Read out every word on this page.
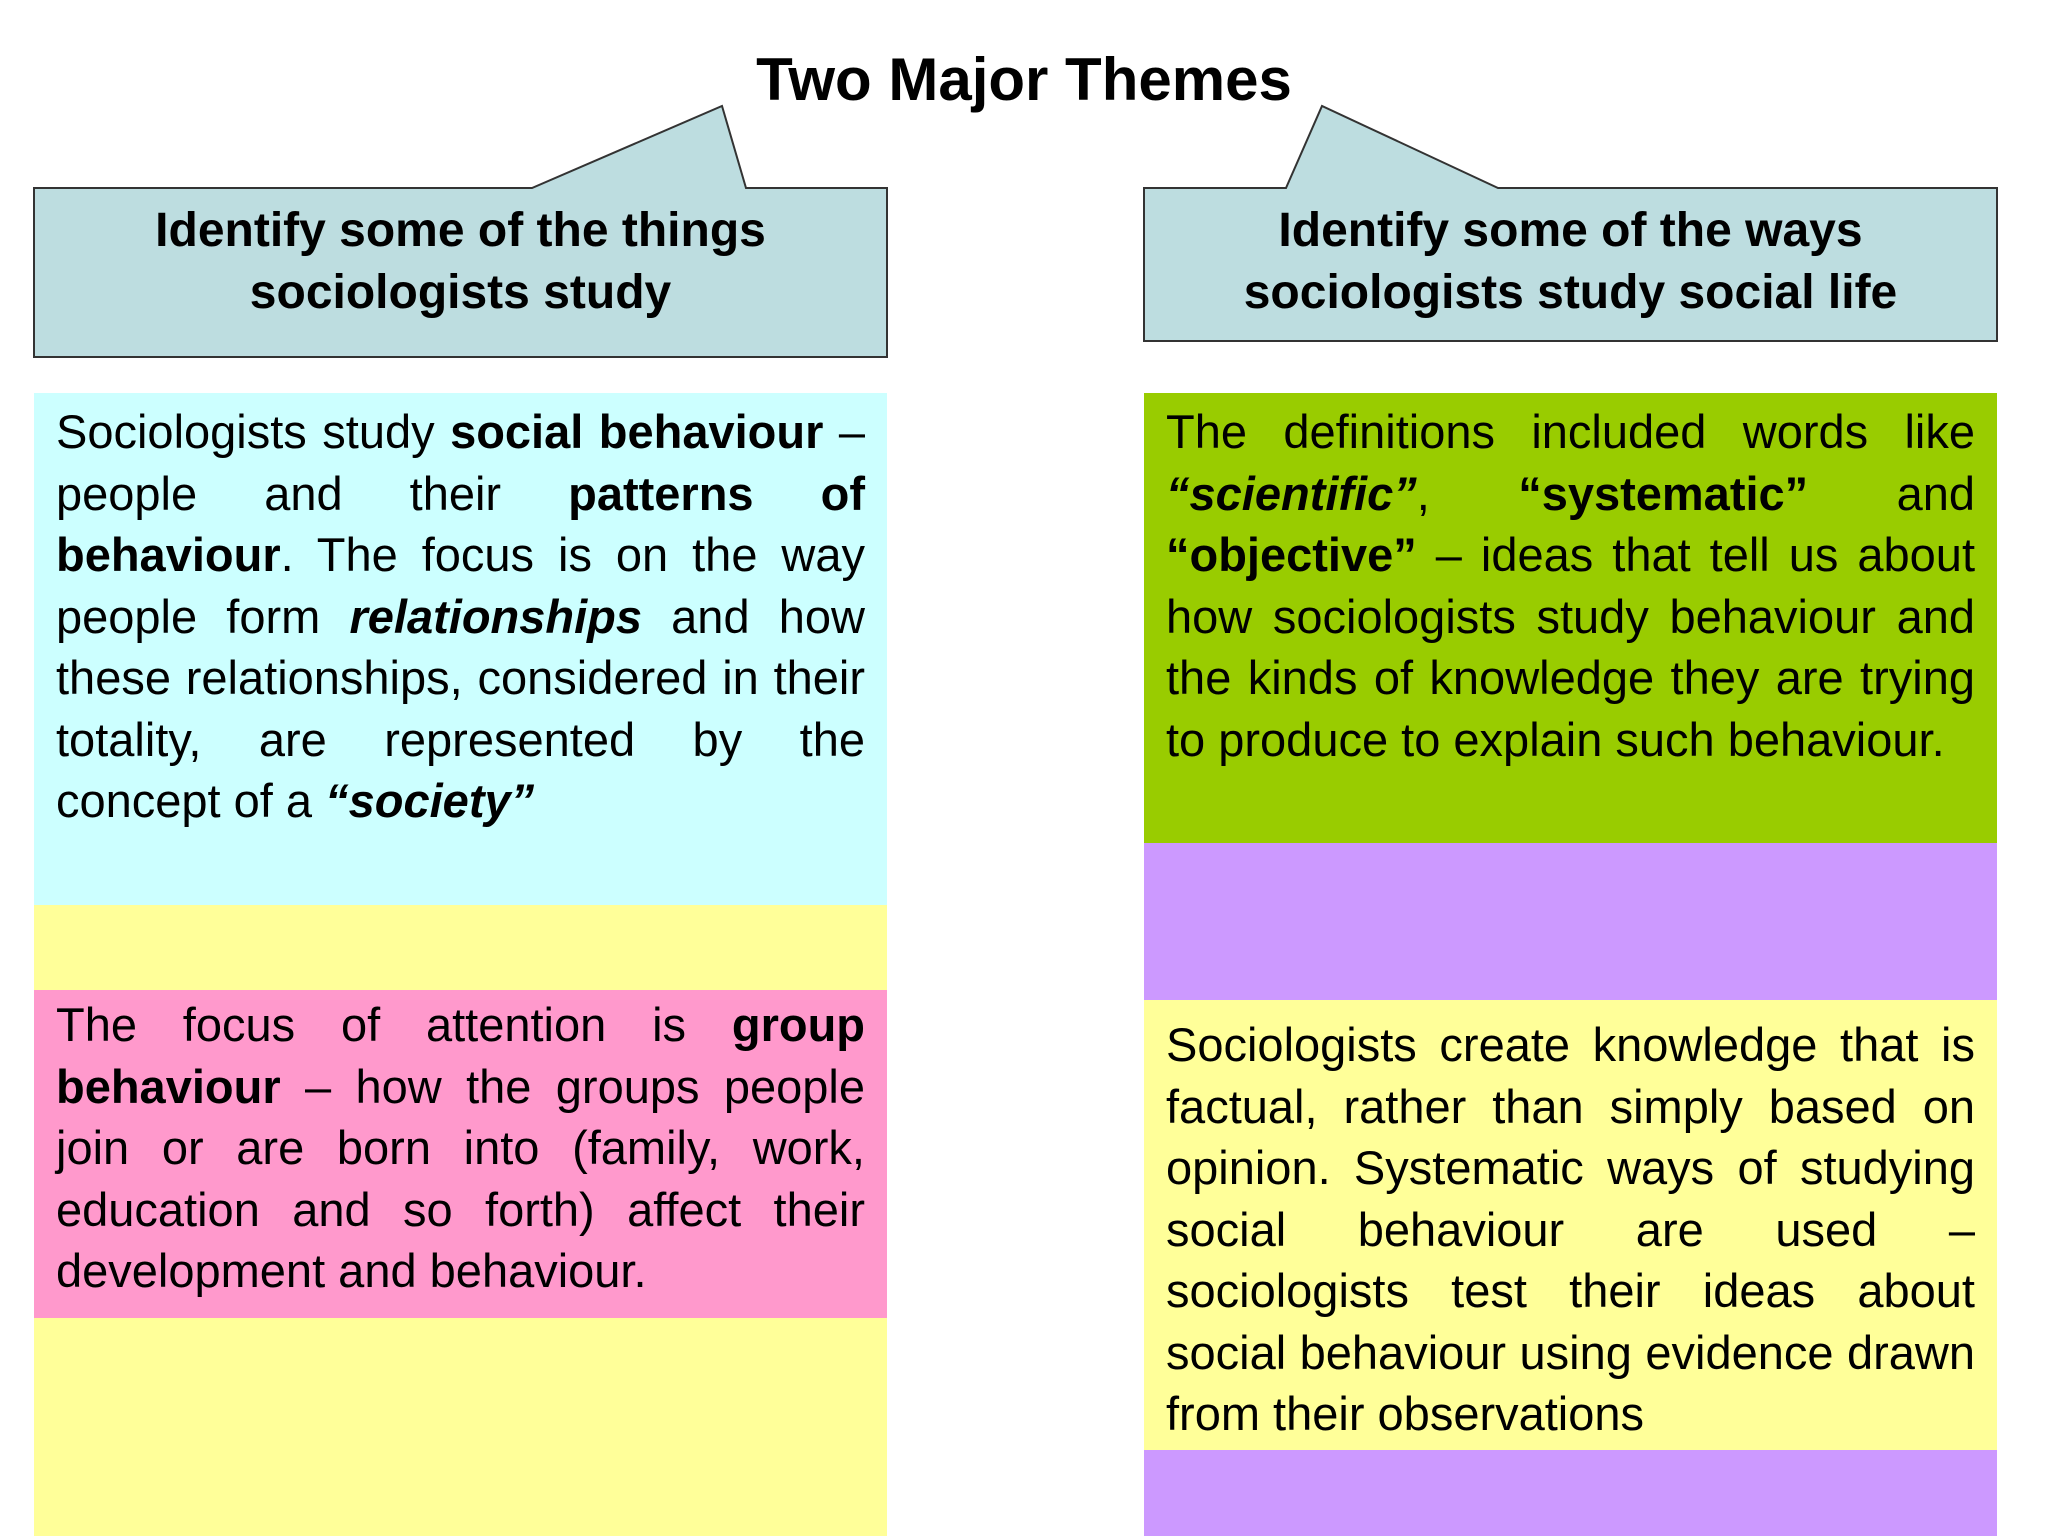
Two Major Themes
Identify some of the things
sociologists study
Identify some of the ways
sociologists study social life

Sociologists study social behaviour – people and their patterns of behaviour. The focus is on the way people form relationships and how these relationships, considered in their totality, are represented by the concept of a “society”

The focus of attention is group behaviour – how the groups people join or are born into (family, work, education and so forth) affect their development and behaviour.

The definitions included words like “scientific”, “systematic” and “objective” – ideas that tell us about how sociologists study behaviour and the kinds of knowledge they are trying to produce to explain such behaviour.

Sociologists create knowledge that is factual, rather than simply based on opinion. Systematic ways of studying social behaviour are used – sociologists test their ideas about social behaviour using evidence drawn from their observations
